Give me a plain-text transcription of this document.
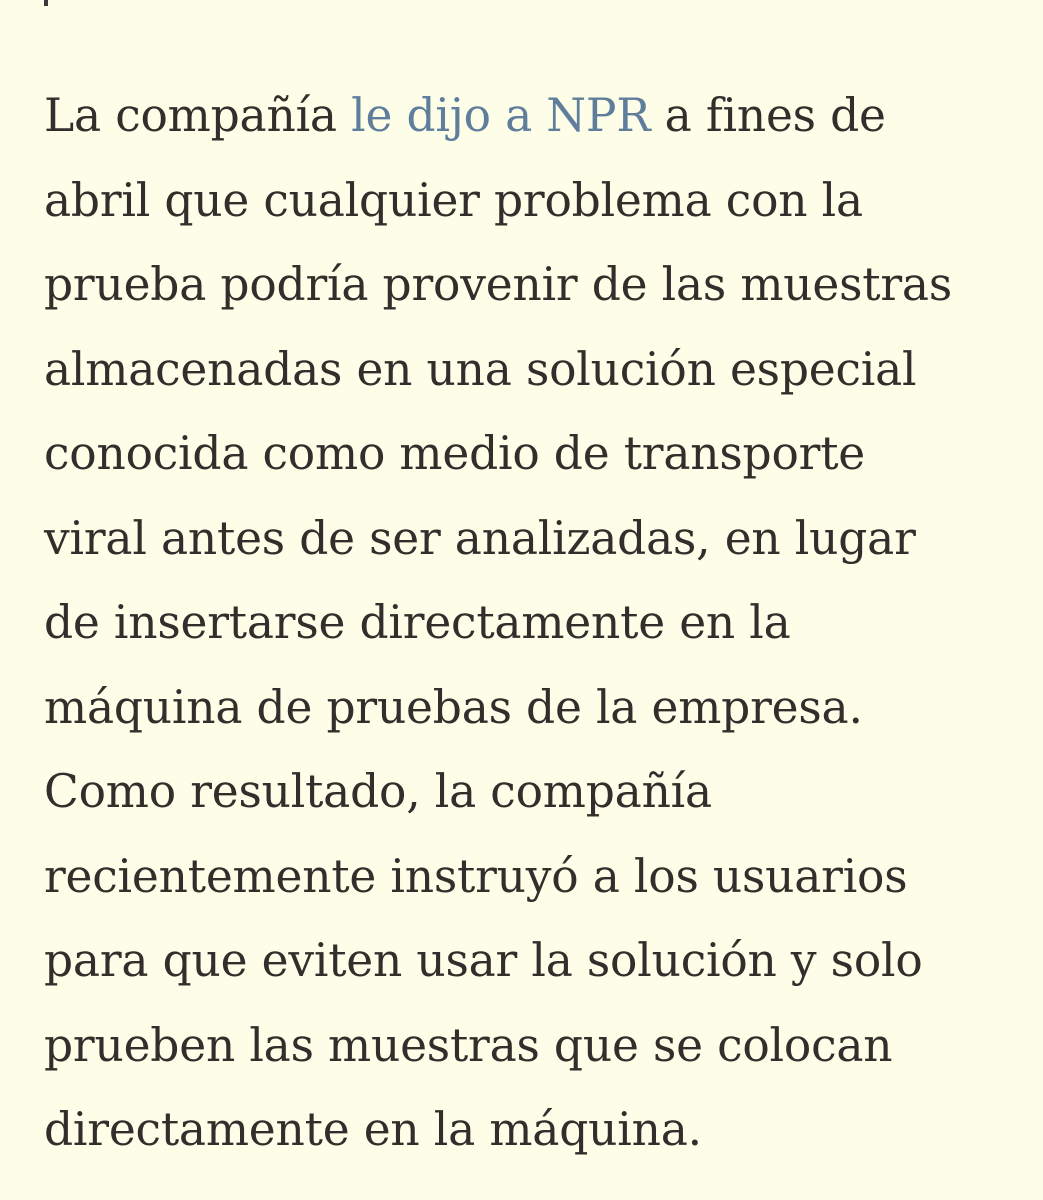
La compañía le dijo a NPR a fines de
abril que cualquier problema con la
prueba podría provenir de las muestras
almacenadas en una solución especial
conocida como medio de transporte
viral antes de ser analizadas, en lugar
de insertarse directamente en la
máquina de pruebas de la empresa.
Como resultado, la compañía
recientemente instruyó a los usuarios
para que eviten usar la solución y solo
prueben las muestras que se colocan
directamente en la máquina.
